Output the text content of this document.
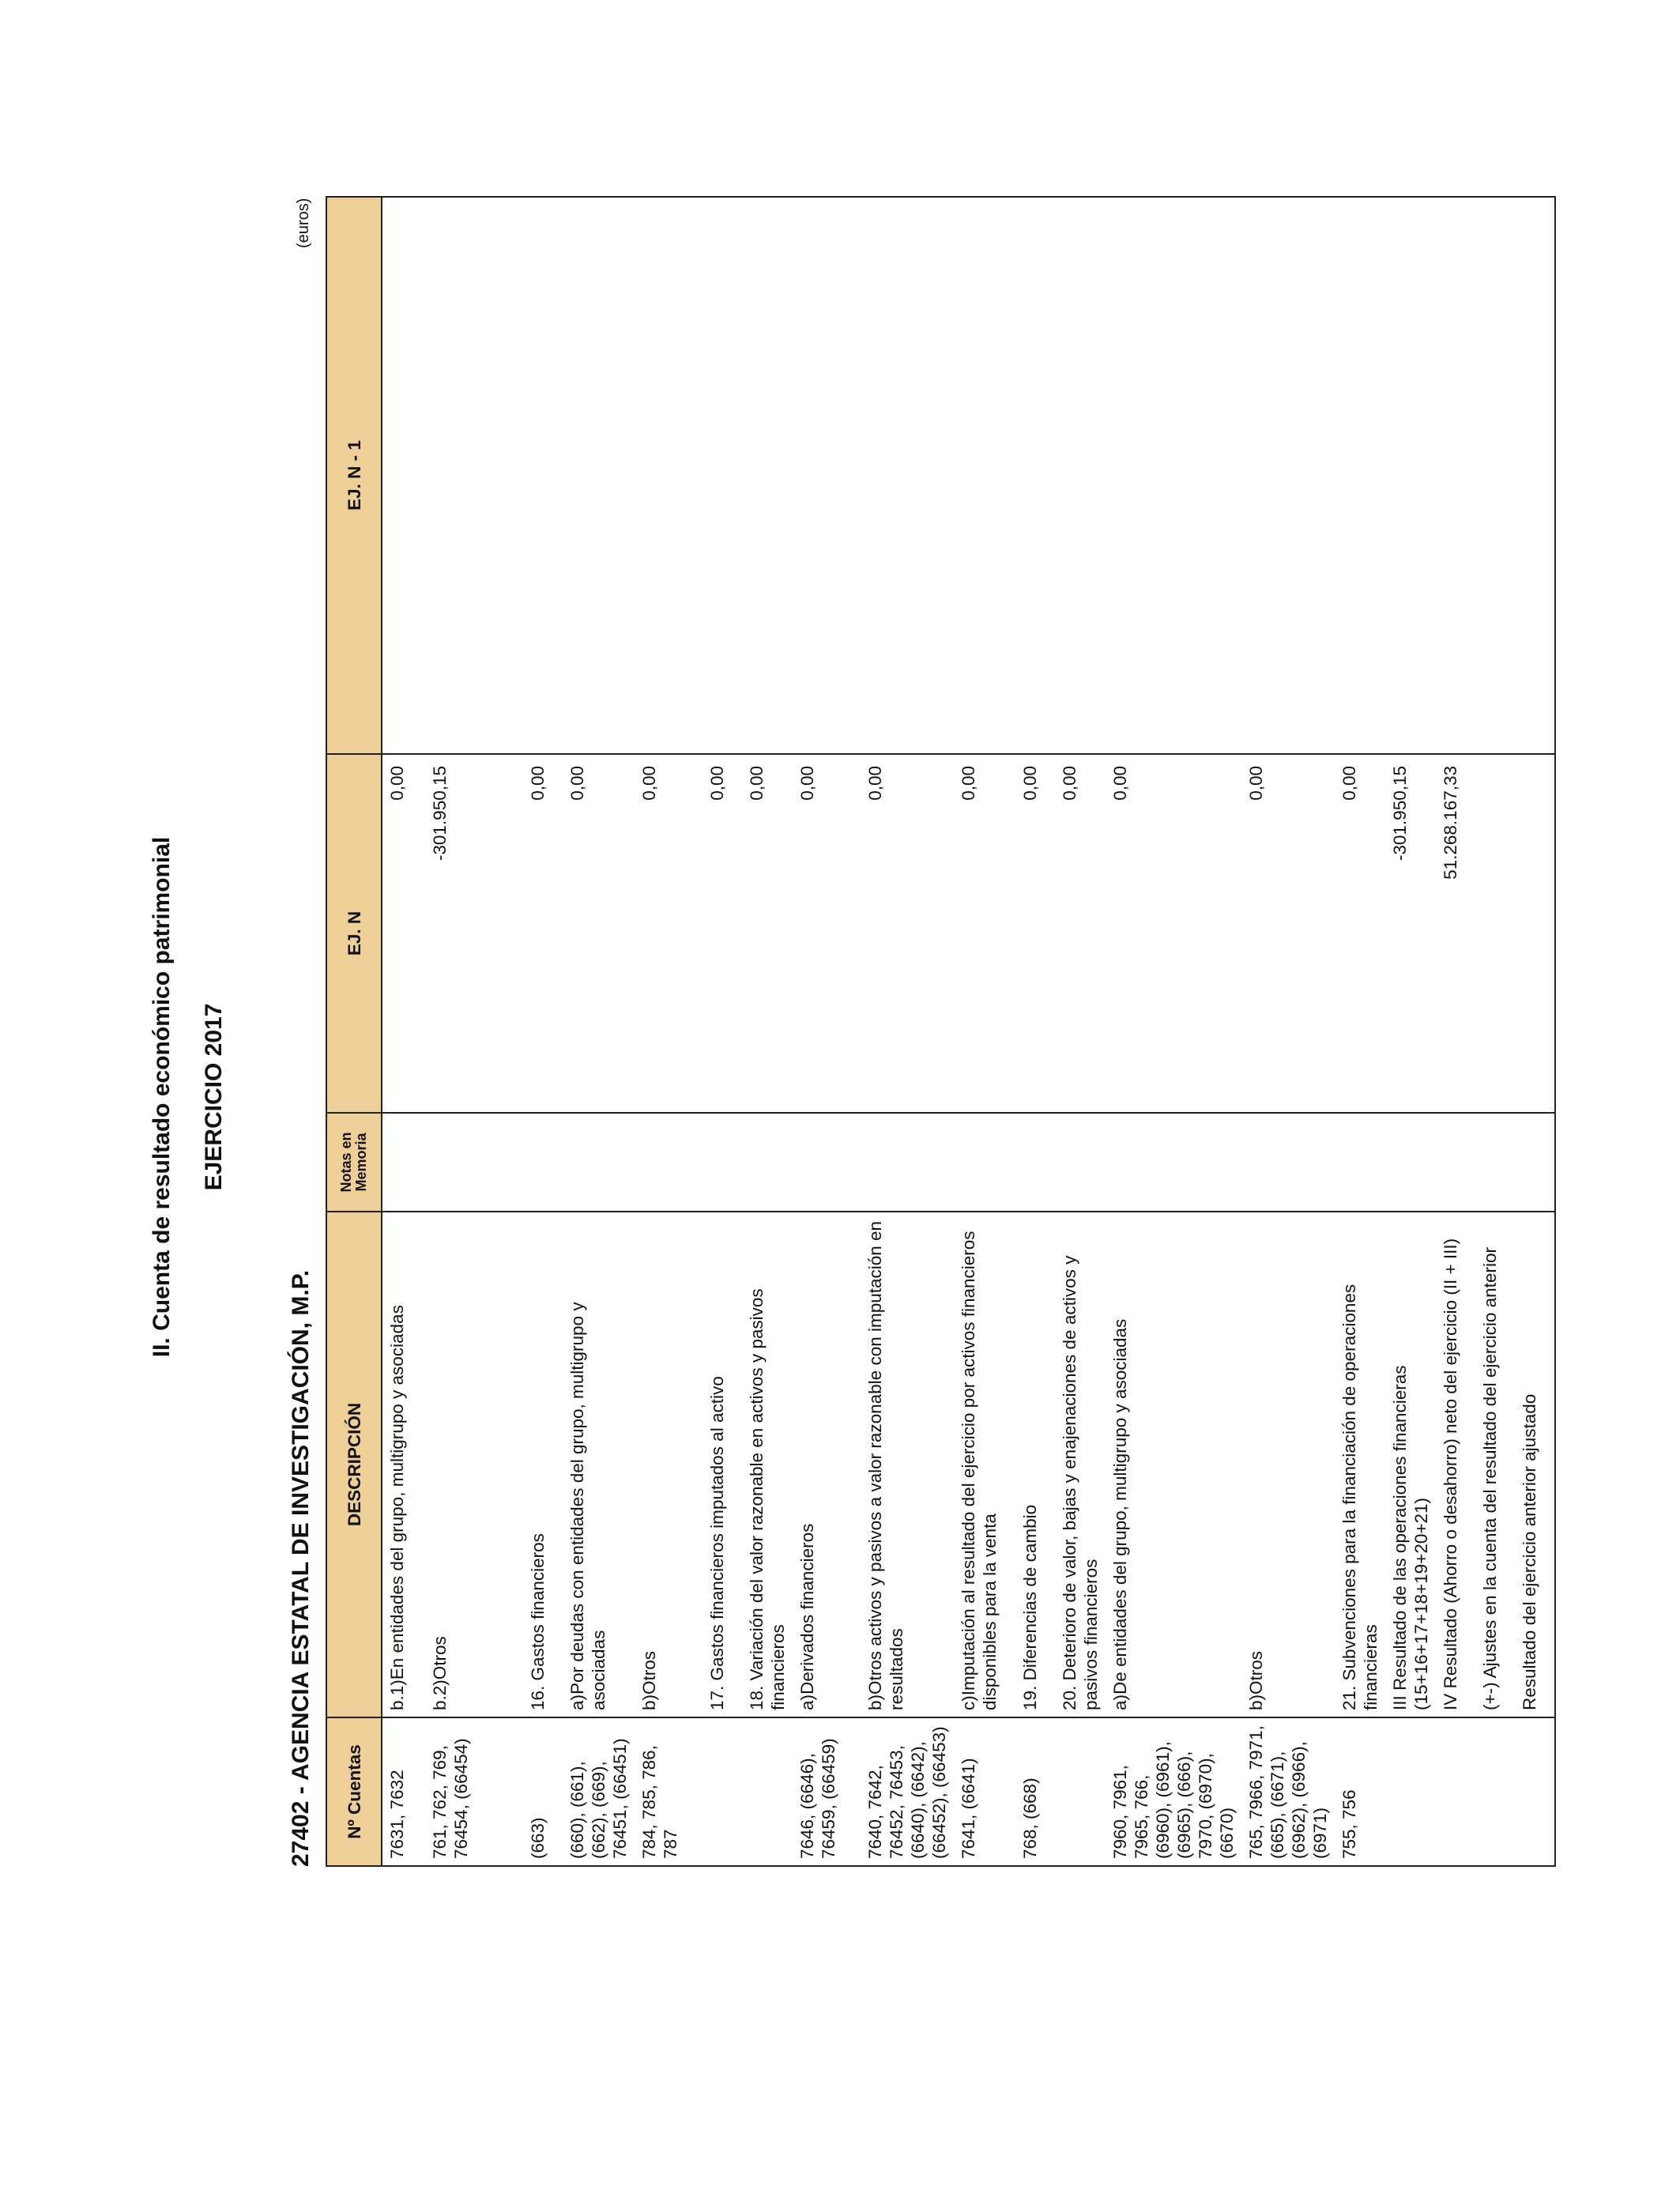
II. Cuenta de resultado económico patrimonial EJERCICIO 2017
27402 - AGENCIA ESTATAL DE INVESTIGACIÓN, M.P.
(euros)
Nº Cuentas	DESCRIPCIÓN	Notas en Memoria	EJ. N	EJ. N - 1
7631, 7632	b.1)En entidades del grupo, multigrupo y asociadas		0,00	
761, 762, 769, 76454, (66454)	b.2)Otros		-301.950,15	

(663)	16. Gastos financieros		0,00	
(660), (661), (662), (669), 76451, (66451)	a)Por deudas con entidades del grupo, multigrupo y asociadas		0,00	
784, 785, 786, 787	b)Otros		0,00	
	17. Gastos financieros imputados al activo		0,00	
	18. Variación del valor razonable en activos y pasivos financieros		0,00	
7646, (6646), 76459, (66459)	a)Derivados financieros		0,00	
7640, 7642, 76452, 76453, (6640), (6642), (66452), (66453)	b)Otros activos y pasivos a valor razonable con imputación en resultados		0,00	
7641, (6641)	c)Imputación al resultado del ejercicio por activos financieros disponibles para la venta		0,00	
768, (668)	19. Diferencias de cambio		0,00	
	20. Deterioro de valor, bajas y enajenaciones de activos y pasivos financieros		0,00	
7960, 7961, 7965, 766, (6960), (6961), (6965), (666), 7970, (6970), (6670)	a)De entidades del grupo, multigrupo y asociadas		0,00	
765, 7966, 7971, (665), (6671), (6962), (6966), (6971)	b)Otros		0,00	
755, 756	21. Subvenciones para la financiación de operaciones financieras		0,00	
	III Resultado de las operaciones financieras (15+16+17+18+19+20+21)		-301.950,15	
	IV Resultado (Ahorro o desahorro) neto del ejercicio (II + III)		51.268.167,33	
	(+-) Ajustes en la cuenta del resultado del ejercicio anterior			
	Resultado del ejercicio anterior ajustado			
